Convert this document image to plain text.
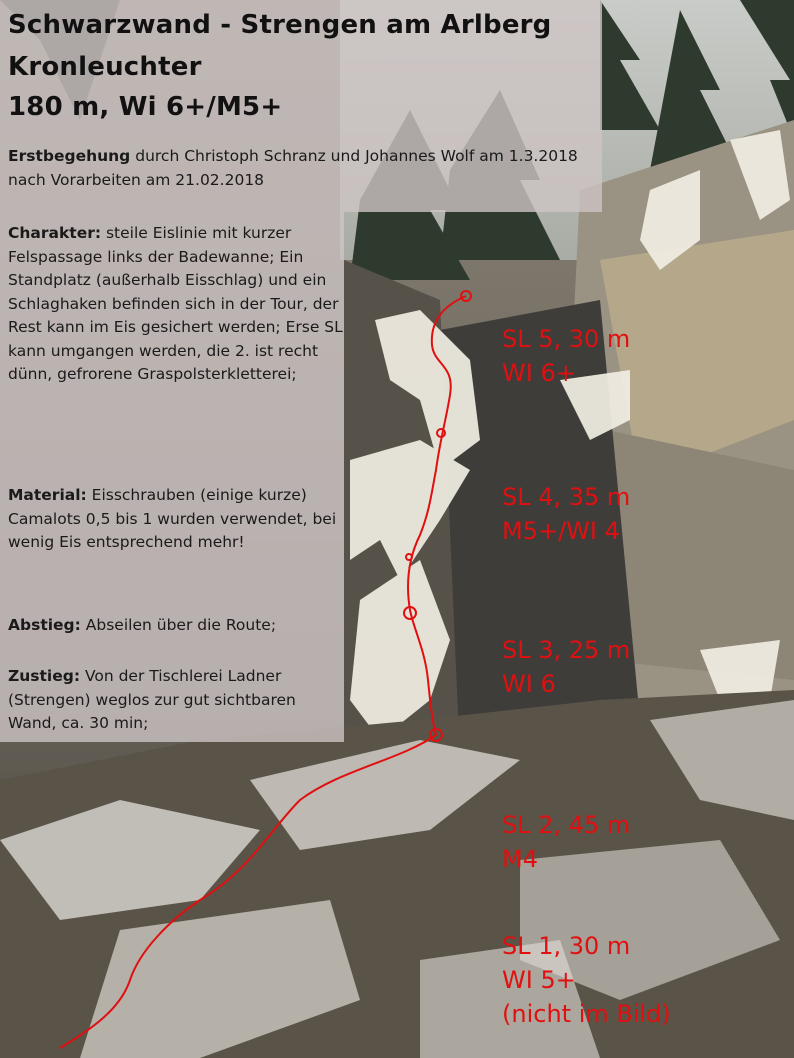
Schwarzwand - Strengen am Arlberg
Kronleuchter
180 m, Wi 6+/M5+

Erstbegehung durch Christoph Schranz und Johannes Wolf am 1.3.2018 nach Vorarbeiten am 21.02.2018

Charakter: steile Eislinie mit kurzer Felspassage links der Badewanne; Ein Standplatz (außerhalb Eisschlag) und ein Schlaghaken befinden sich in der Tour, der Rest kann im Eis gesichert werden; Erse SL kann umgangen werden, die 2. ist recht dünn, gefrorene Graspolsterkletterei;

Material: Eisschrauben (einige kurze) Camalots 0,5 bis 1 wurden verwendet, bei wenig Eis entsprechend mehr!

Abstieg: Abseilen über die Route;

Zustieg: Von der Tischlerei Ladner (Strengen) weglos zur gut sichtbaren Wand, ca. 30 min;

SL 5, 30 m
WI 6+
SL 4, 35 m
M5+/WI 4
SL 3, 25 m
WI 6
SL 2, 45 m
M4
SL 1, 30 m
WI 5+
(nicht im Bild)
